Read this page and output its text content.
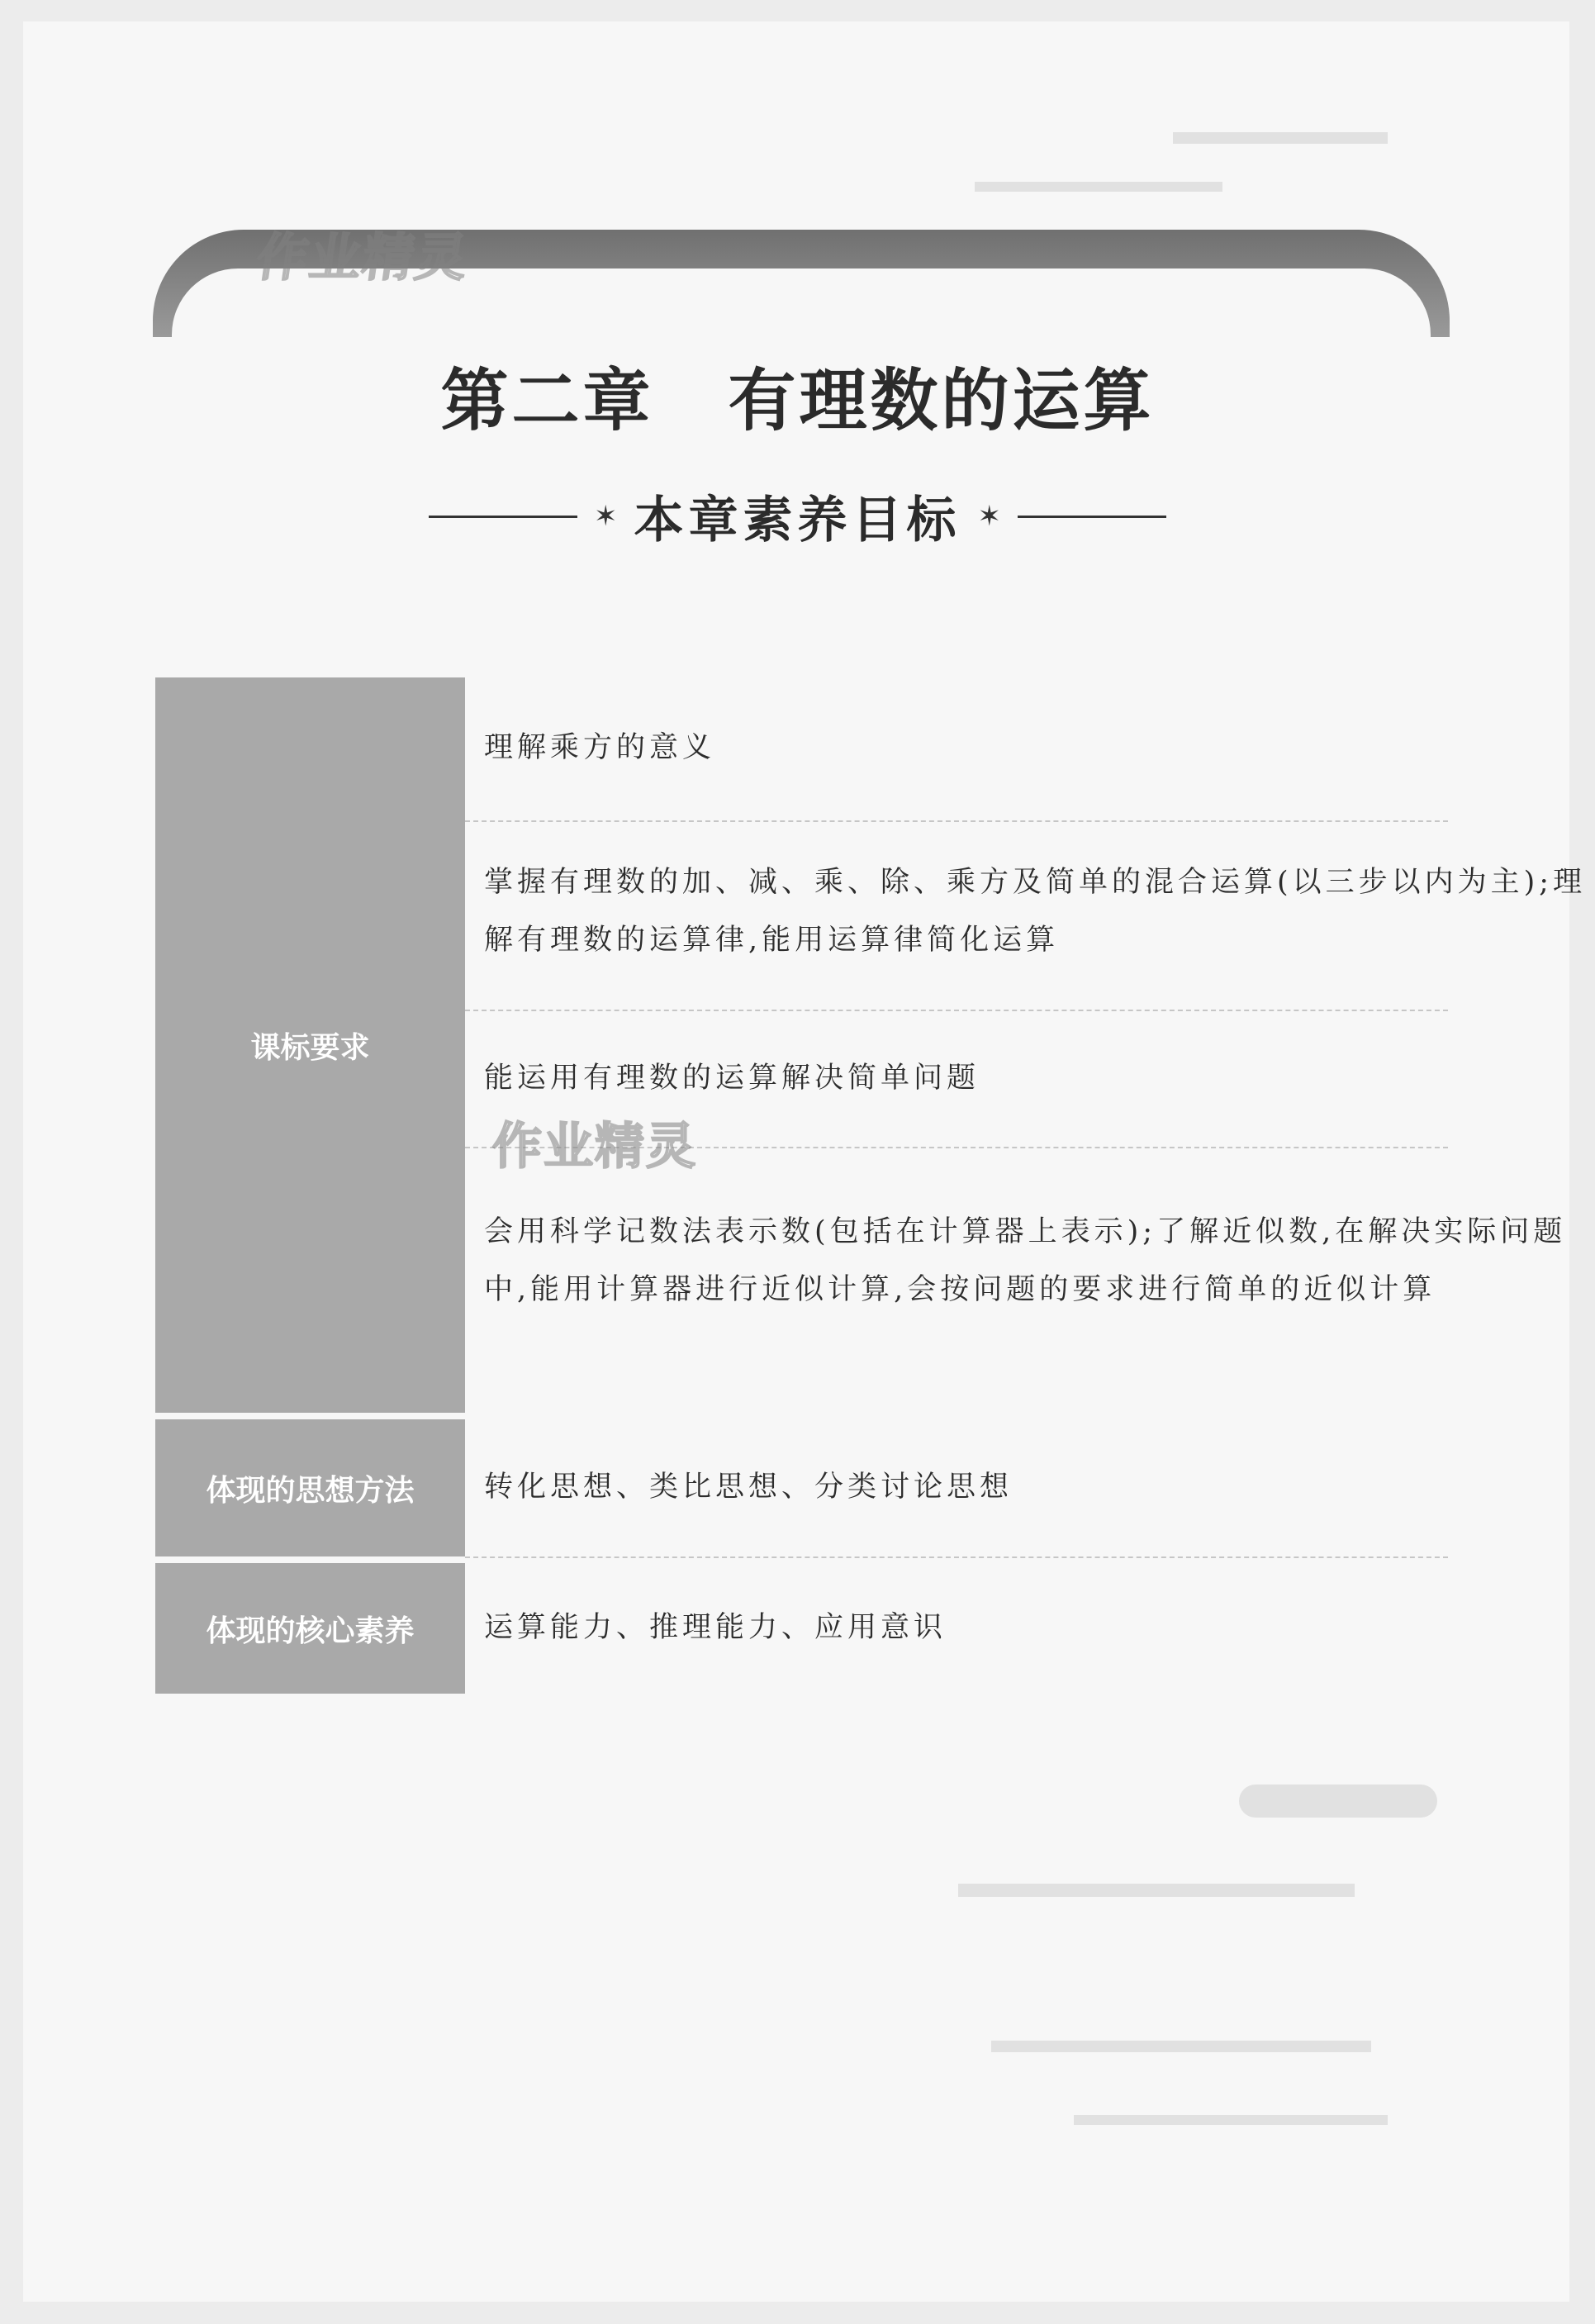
作业精灵
第二章 有理数的运算
✶ 本章素养目标 ✶
课标要求
理解乘方的意义
掌握有理数的加、减、乘、除、乘方及简单的混合运算(以三步以内为主);理解有理数的运算律,能用运算律简化运算
能运用有理数的运算解决简单问题
会用科学记数法表示数(包括在计算器上表示);了解近似数,在解决实际问题中,能用计算器进行近似计算,会按问题的要求进行简单的近似计算
作业精灵
体现的思想方法	转化思想、类比思想、分类讨论思想
体现的核心素养	运算能力、推理能力、应用意识
